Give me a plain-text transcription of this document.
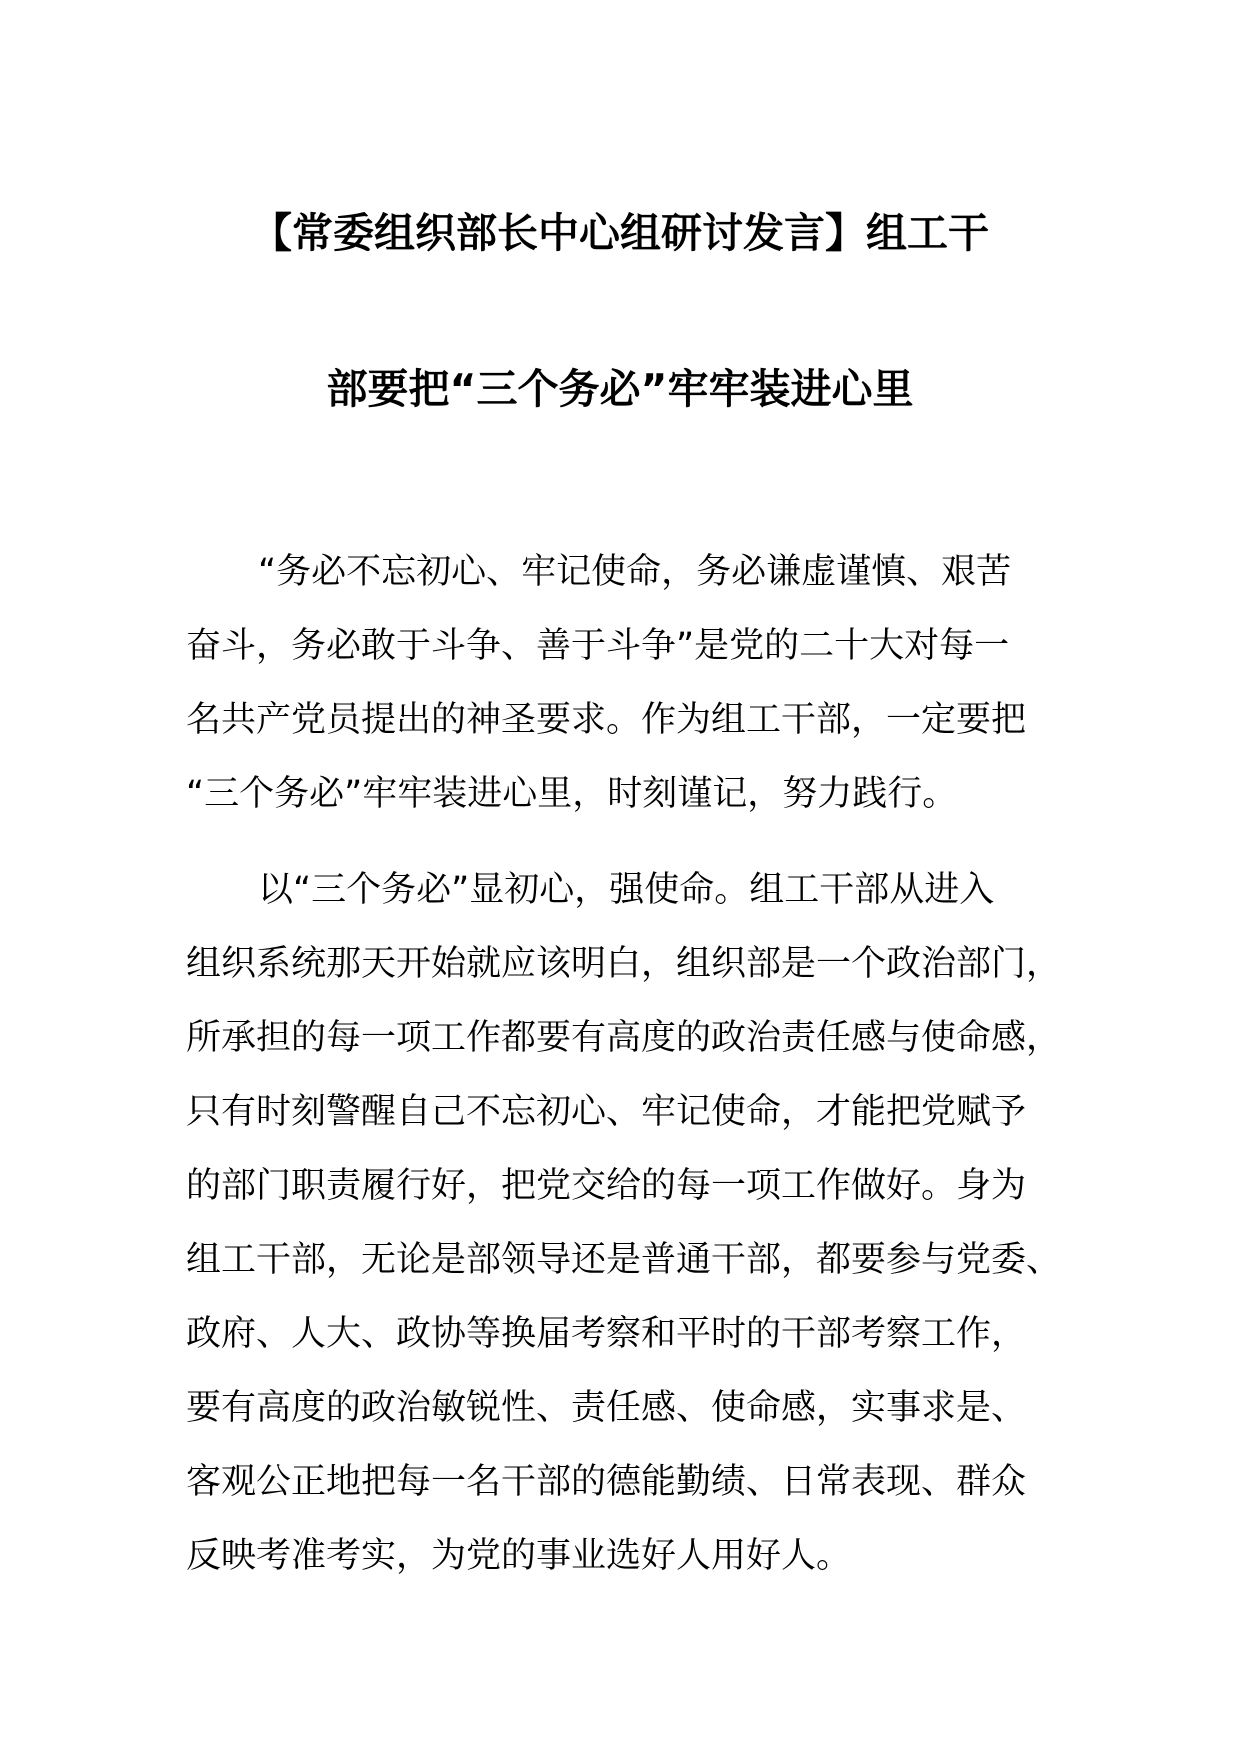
【常委组织部长中心组研讨发言】组工干
部要把“三个务必”牢牢装进心里
“务必不忘初心、牢记使命，务必谦虚谨慎、艰苦
奋斗，务必敢于斗争、善于斗争”是党的二十大对每一
名共产党员提出的神圣要求。作为组工干部，一定要把
“三个务必”牢牢装进心里，时刻谨记，努力践行。
以“三个务必”显初心，强使命。组工干部从进入
组织系统那天开始就应该明白，组织部是一个政治部门，
所承担的每一项工作都要有高度的政治责任感与使命感，
只有时刻警醒自己不忘初心、牢记使命，才能把党赋予
的部门职责履行好，把党交给的每一项工作做好。身为
组工干部，无论是部领导还是普通干部，都要参与党委、
政府、人大、政协等换届考察和平时的干部考察工作，
要有高度的政治敏锐性、责任感、使命感，实事求是、
客观公正地把每一名干部的德能勤绩、日常表现、群众
反映考准考实，为党的事业选好人用好人。
